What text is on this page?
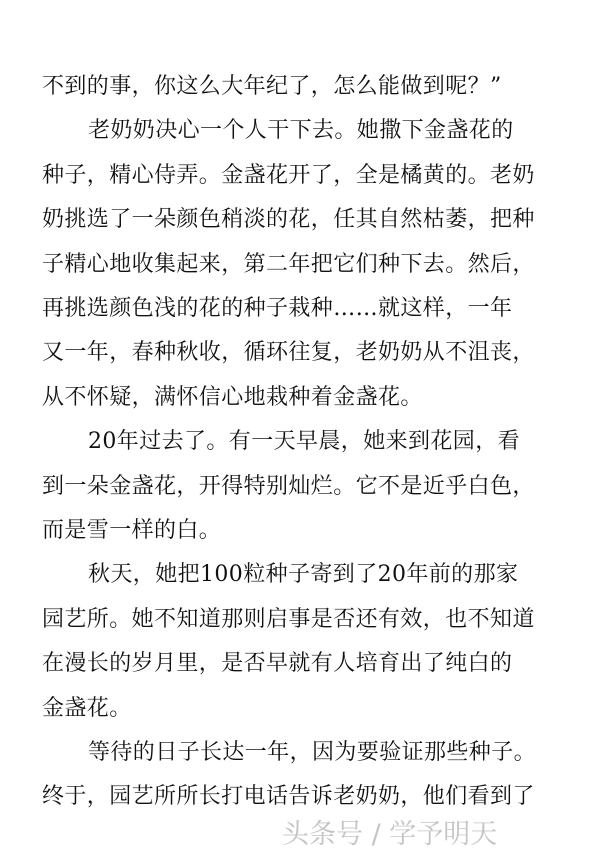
不到的事，你这么大年纪了，怎么能做到呢？”
老奶奶决心一个人干下去。她撒下金盏花的
种子，精心侍弄。金盏花开了，全是橘黄的。老奶
奶挑选了一朵颜色稍淡的花，任其自然枯萎，把种
子精心地收集起来，第二年把它们种下去。然后，
再挑选颜色浅的花的种子栽种……就这样，一年
又一年，春种秋收，循环往复，老奶奶从不沮丧，
从不怀疑，满怀信心地栽种着金盏花。
20年过去了。有一天早晨，她来到花园，看
到一朵金盏花，开得特别灿烂。它不是近乎白色，
而是雪一样的白。
秋天，她把100粒种子寄到了20年前的那家
园艺所。她不知道那则启事是否还有效，也不知道
在漫长的岁月里，是否早就有人培育出了纯白的
金盏花。
等待的日子长达一年，因为要验证那些种子。
终于，园艺所所长打电话告诉老奶奶，他们看到了
头条号 / 学予明天
